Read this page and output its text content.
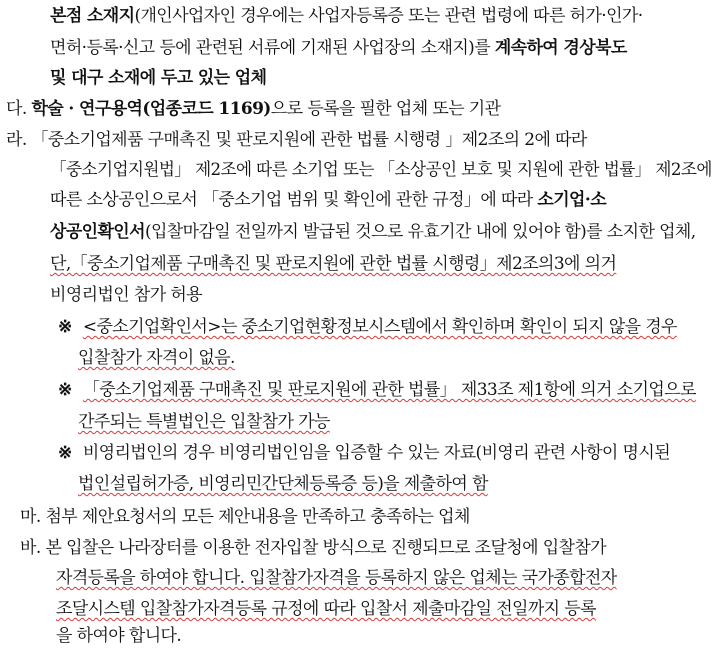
본점 소재지(개인사업자인 경우에는 사업자등록증 또는 관련 법령에 따른 허가·인가·
면허·등록·신고 등에 관련된 서류에 기재된 사업장의 소재지)를 계속하여 경상북도
및 대구 소재에 두고 있는 업체
다. 학술 · 연구용역(업종코드 1169)으로 등록을 필한 업체 또는 기관
라. 「중소기업제품 구매촉진 및 판로지원에 관한 법률 시행령 」제2조의 2에 따라
「중소기업지원법」 제2조에 따른 소기업 또는 「소상공인 보호 및 지원에 관한 법률」 제2조에
따른 소상공인으로서 「중소기업 범위 및 확인에 관한 규정」에 따라 소기업·소
상공인확인서(입찰마감일 전일까지 발급된 것으로 유효기간 내에 있어야 함)를 소지한 업체,
단,「중소기업제품 구매촉진 및 판로지원에 관한 법률 시행령」제2조의3에 의거
비영리법인 참가 허용
※ <중소기업확인서>는 중소기업현황정보시스템에서 확인하며 확인이 되지 않을 경우
입찰참가 자격이 없음.
※ 「중소기업제품 구매촉진 및 판로지원에 관한 법률」 제33조 제1항에 의거 소기업으로
간주되는 특별법인은 입찰참가 가능
※ 비영리법인의 경우 비영리법인임을 입증할 수 있는 자료(비영리 관련 사항이 명시된
법인설립허가증, 비영리민간단체등록증 등)을 제출하여 함
마. 첨부 제안요청서의 모든 제안내용을 만족하고 충족하는 업체
바. 본 입찰은 나라장터를 이용한 전자입찰 방식으로 진행되므로 조달청에 입찰참가
자격등록을 하여야 합니다. 입찰참가자격을 등록하지 않은 업체는 국가종합전자
조달시스템 입찰참가자격등록 규정에 따라 입찰서 제출마감일 전일까지 등록
을 하여야 합니다.
